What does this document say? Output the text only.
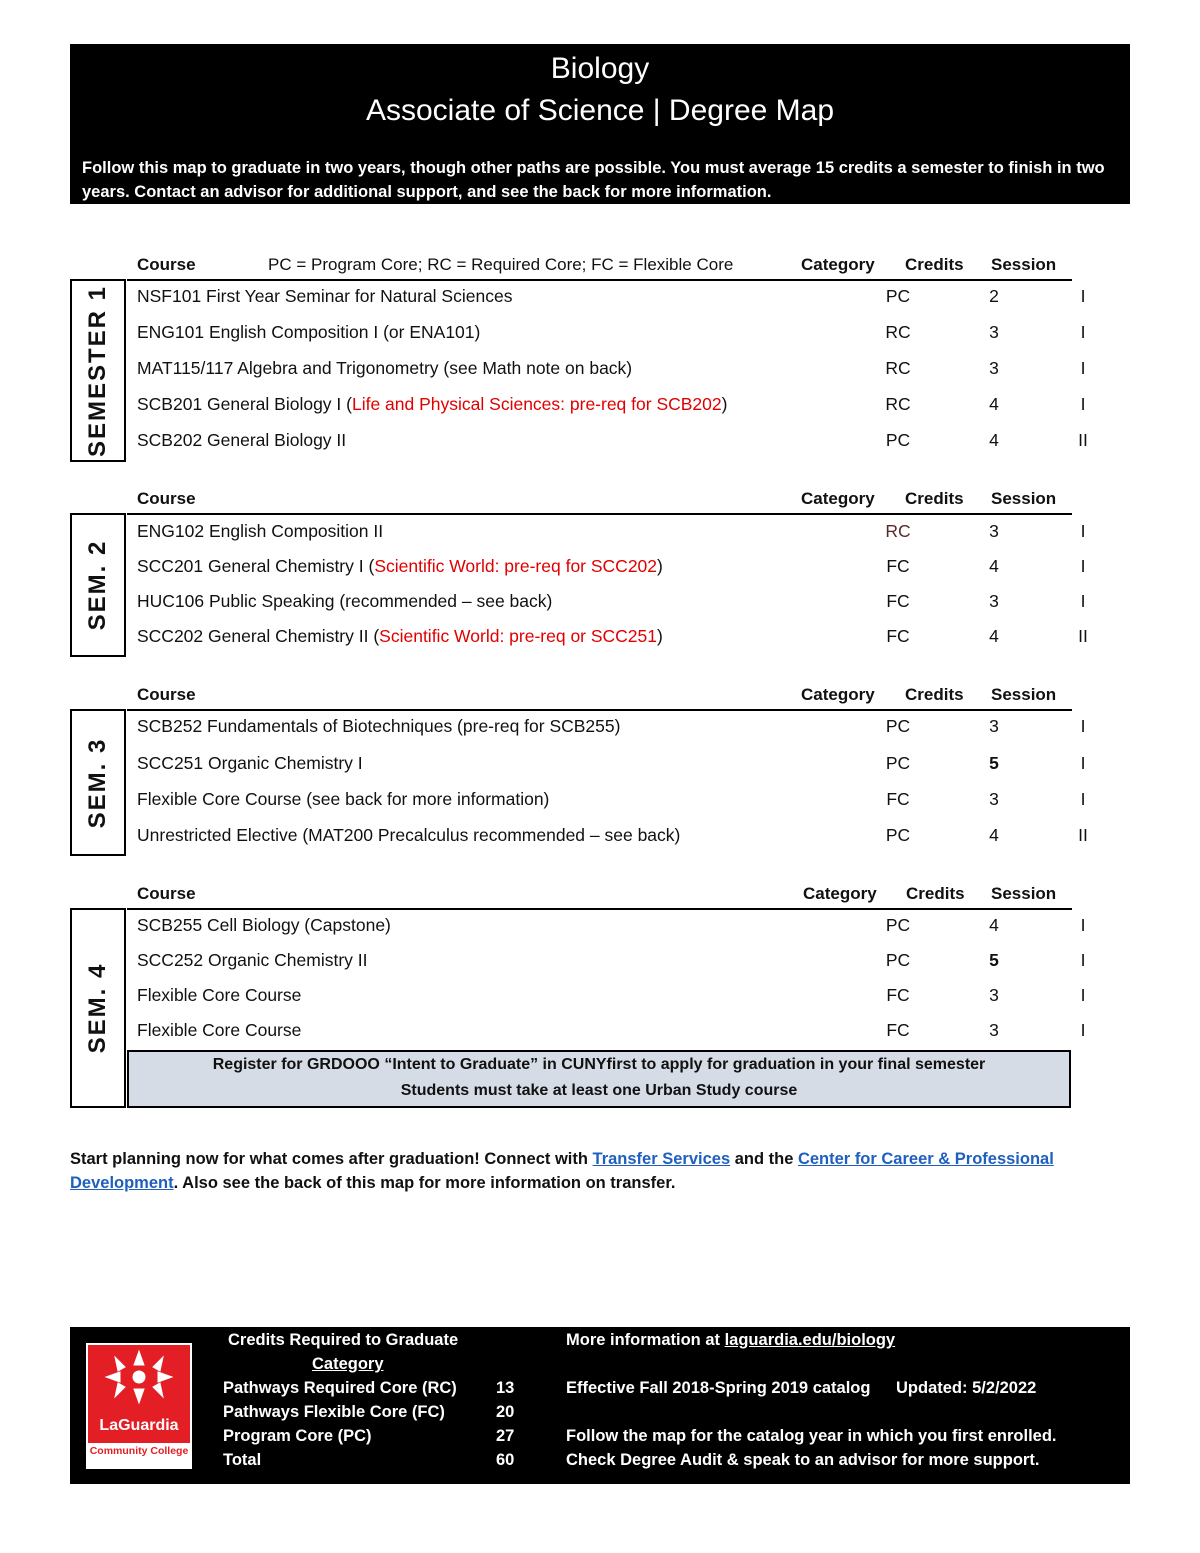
Biology
Associate of Science | Degree Map
Follow this map to graduate in two years, though other paths are possible. You must average 15 credits a semester to finish in two years. Contact an advisor for additional support, and see the back for more information.
Course	PC = Program Core; RC = Required Core; FC = Flexible Core	Category Credits Session
SEMESTER 1 NSF101 First Year Seminar for Natural Sciences	PC	2	I
ENG101 English Composition I (or ENA101)	RC	3	I
MAT115/117 Algebra and Trigonometry (see Math note on back)	RC	3	I
SCB201 General Biology I (Life and Physical Sciences: pre-req for SCB202)	RC	4	I
SCB202 General Biology II	PC	4	II
Course	Category Credits Session
SEM. 2
ENG102 English Composition II	RC	3	I
SCC201 General Chemistry I (Scientific World: pre-req for SCC202)	FC	4	I
HUC106 Public Speaking (recommended – see back)	FC	3	I
SCC202 General Chemistry II (Scientific World: pre-req or SCC251)	FC	4	II
Course	Category Credits Session
SEM. 3
SCB252 Fundamentals of Biotechniques (pre-req for SCB255)	PC	3	I
SCC251 Organic Chemistry I	PC	5	I
Flexible Core Course (see back for more information)	FC	3	I
Unrestricted Elective (MAT200 Precalculus recommended – see back)	PC	4	II
Course	Category Credits Session
SEM. 4
SCB255 Cell Biology (Capstone)	PC	4	I
SCC252 Organic Chemistry II	PC	5	I
Flexible Core Course	FC	3	I
Flexible Core Course	FC	3	I
Register for GRDOOO “Intent to Graduate” in CUNYfirst to apply for graduation in your final semester
Students must take at least one Urban Study course
Start planning now for what comes after graduation! Connect with Transfer Services and the Center for Career & Professional Development. Also see the back of this map for more information on transfer.
LaGuardia
Community College
Credits Required to Graduate
Category
Pathways Required Core (RC) 13
Pathways Flexible Core (FC)	20
Program Core (PC)	27
Total	60
More information at laguardia.edu/biology
Effective Fall 2018-Spring 2019 catalog Updated: 5/2/2022
Follow the map for the catalog year in which you first enrolled.
Check Degree Audit & speak to an advisor for more support.
